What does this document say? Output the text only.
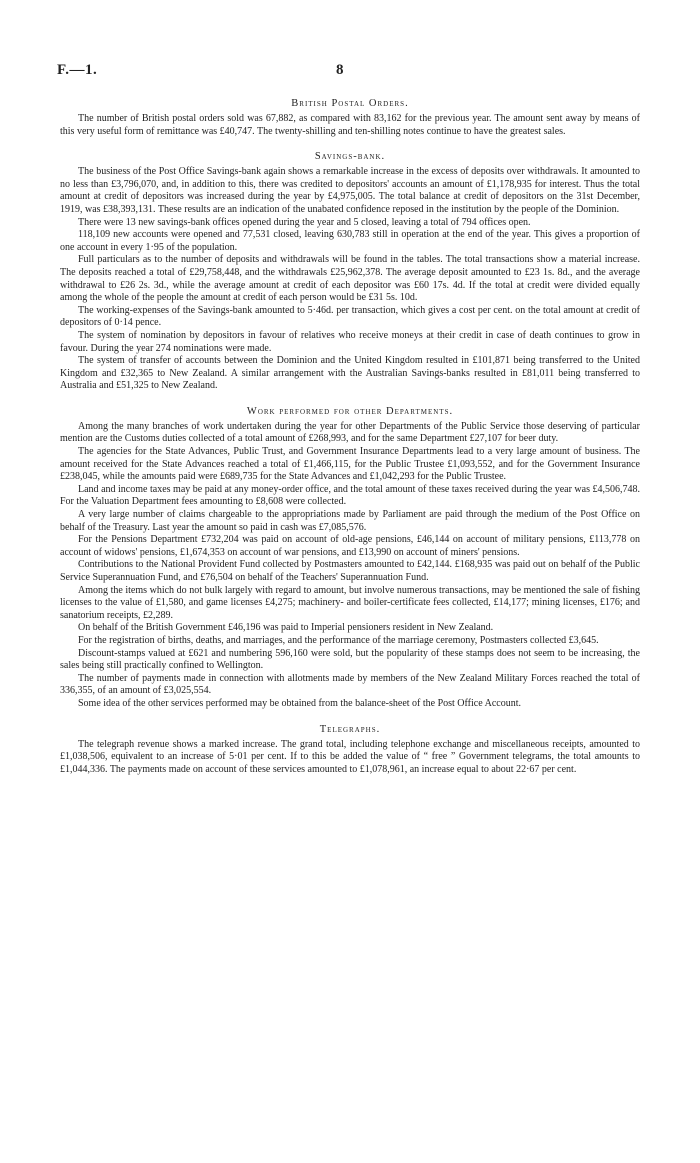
F.—1.	8
British Postal Orders.

The number of British postal orders sold was 67,882, as compared with 83,162 for the previous year. The amount sent away by means of this very useful form of remittance was £40,747. The twenty-shilling and ten-shilling notes continue to have the greatest sales.

Savings-bank.

The business of the Post Office Savings-bank again shows a remarkable increase in the excess of deposits over withdrawals. It amounted to no less than £3,796,070, and, in addition to this, there was credited to depositors' accounts an amount of £1,178,935 for interest. Thus the total amount at credit of depositors was increased during the year by £4,975,005. The total balance at credit of depositors on the 31st December, 1919, was £38,393,131. These results are an indication of the unabated confidence reposed in the institution by the people of the Dominion.

There were 13 new savings-bank offices opened during the year and 5 closed, leaving a total of 794 offices open.

118,109 new accounts were opened and 77,531 closed, leaving 630,783 still in operation at the end of the year. This gives a proportion of one account in every 1·95 of the population.

Full particulars as to the number of deposits and withdrawals will be found in the tables. The total transactions show a material increase. The deposits reached a total of £29,758,448, and the withdrawals £25,962,378. The average deposit amounted to £23 1s. 8d., and the average withdrawal to £26 2s. 3d., while the average amount at credit of each depositor was £60 17s. 4d. If the total at credit were divided equally among the whole of the people the amount at credit of each person would be £31 5s. 10d.

The working-expenses of the Savings-bank amounted to 5·46d. per transaction, which gives a cost per cent. on the total amount at credit of depositors of 0·14 pence.

The system of nomination by depositors in favour of relatives who receive moneys at their credit in case of death continues to grow in favour. During the year 274 nominations were made.

The system of transfer of accounts between the Dominion and the United Kingdom resulted in £101,871 being transferred to the United Kingdom and £32,365 to New Zealand. A similar arrangement with the Australian Savings-banks resulted in £81,011 being transferred to Australia and £51,325 to New Zealand.

Work performed for other Departments.

Among the many branches of work undertaken during the year for other Departments of the Public Service those deserving of particular mention are the Customs duties collected of a total amount of £268,993, and for the same Department £27,107 for beer duty.

The agencies for the State Advances, Public Trust, and Government Insurance Departments lead to a very large amount of business. The amount received for the State Advances reached a total of £1,466,115, for the Public Trustee £1,093,552, and for the Government Insurance £238,045, while the amounts paid were £689,735 for the State Advances and £1,042,293 for the Public Trustee.

Land and income taxes may be paid at any money-order office, and the total amount of these taxes received during the year was £4,506,748. For the Valuation Department fees amounting to £8,608 were collected.

A very large number of claims chargeable to the appropriations made by Parliament are paid through the medium of the Post Office on behalf of the Treasury. Last year the amount so paid in cash was £7,085,576.

For the Pensions Department £732,204 was paid on account of old-age pensions, £46,144 on account of military pensions, £113,778 on account of widows' pensions, £1,674,353 on account of war pensions, and £13,990 on account of miners' pensions.

Contributions to the National Provident Fund collected by Postmasters amounted to £42,144. £168,935 was paid out on behalf of the Public Service Superannuation Fund, and £76,504 on behalf of the Teachers' Superannuation Fund.

Among the items which do not bulk largely with regard to amount, but involve numerous transactions, may be mentioned the sale of fishing licenses to the value of £1,580, and game licenses £4,275; machinery- and boiler-certificate fees collected, £14,177; mining licenses, £176; and sanatorium receipts, £2,289.

On behalf of the British Government £46,196 was paid to Imperial pensioners resident in New Zealand.

For the registration of births, deaths, and marriages, and the performance of the marriage ceremony, Postmasters collected £3,645.

Discount-stamps valued at £621 and numbering 596,160 were sold, but the popularity of these stamps does not seem to be increasing, the sales being still practically confined to Wellington.

The number of payments made in connection with allotments made by members of the New Zealand Military Forces reached the total of 336,355, of an amount of £3,025,554.

Some idea of the other services performed may be obtained from the balance-sheet of the Post Office Account.

Telegraphs.

The telegraph revenue shows a marked increase. The grand total, including telephone exchange and miscellaneous receipts, amounted to £1,038,506, equivalent to an increase of 5·01 per cent. If to this be added the value of “ free ” Government telegrams, the total amounts to £1,044,336. The payments made on account of these services amounted to £1,078,961, an increase equal to about 22·67 per cent.
